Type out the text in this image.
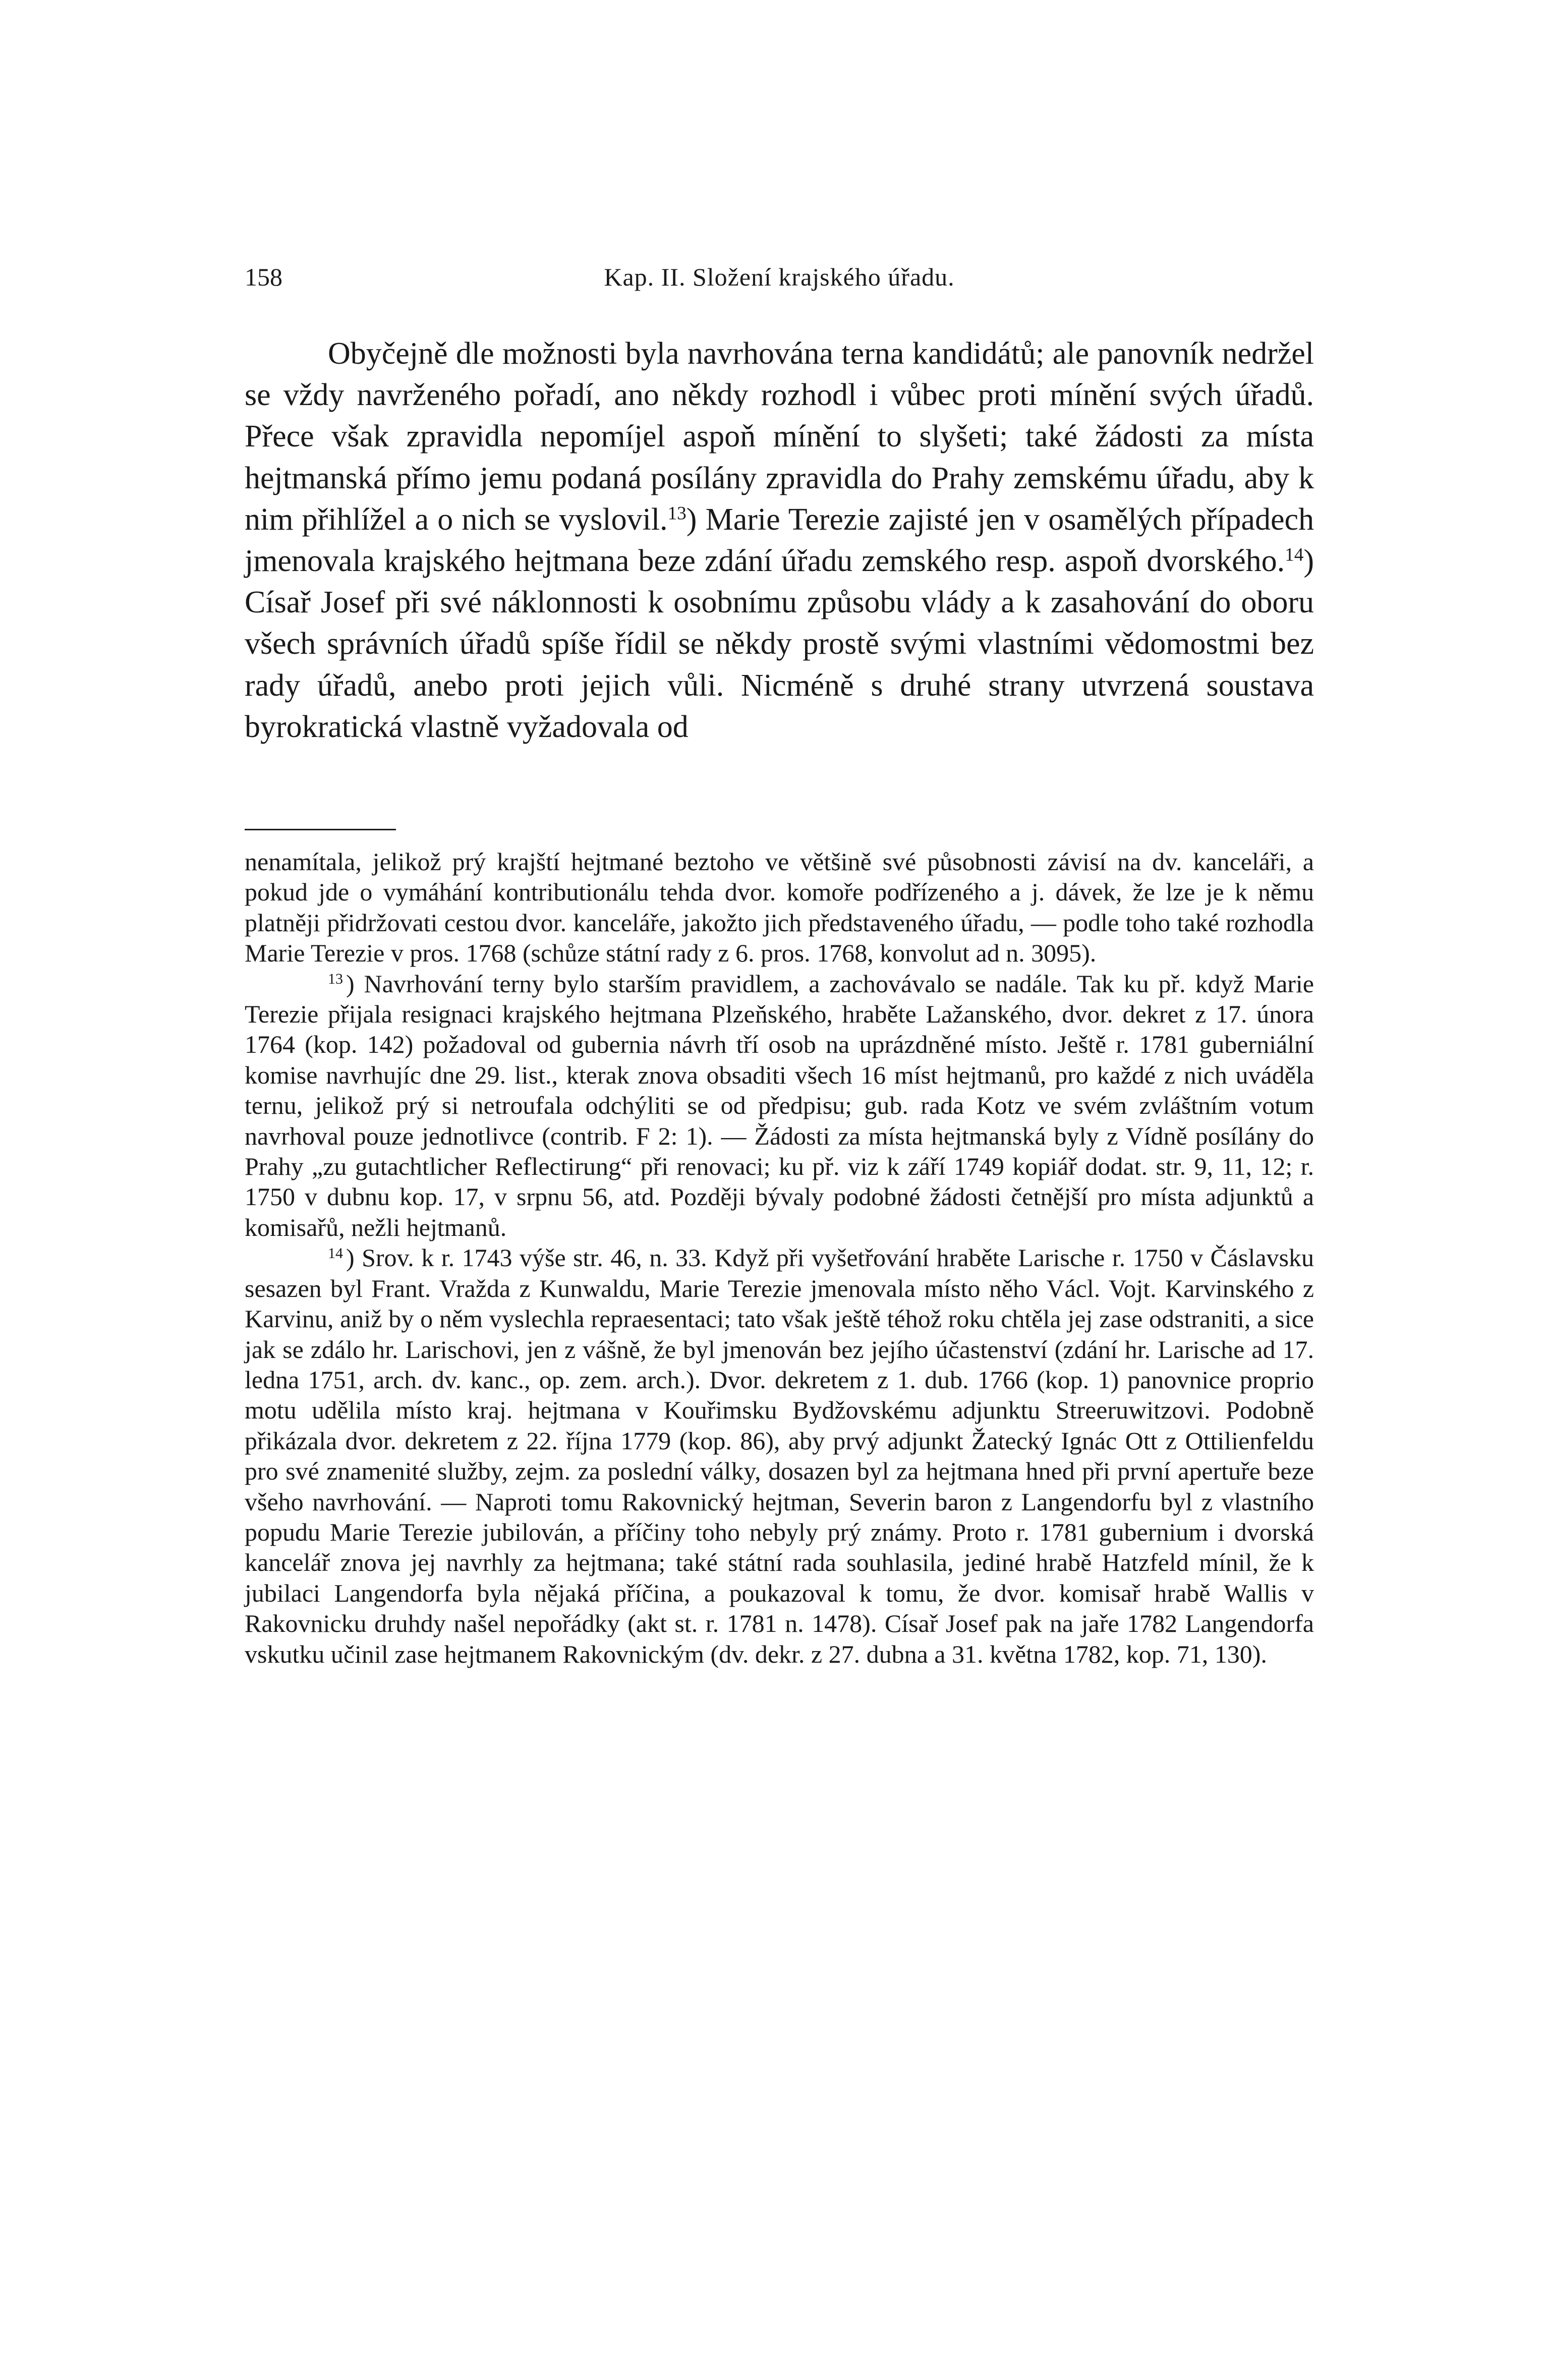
158	Kap. II. Složení krajského úřadu.

Obyčejně dle možnosti byla navrhována terna kandidátů; ale panovník nedržel se vždy navrženého pořadí, ano někdy rozhodl i vůbec proti mínění svých úřadů. Přece však zpravidla nepomíjel aspoň mínění to slyšeti; také žádosti za místa hejtmanská přímo jemu podaná posílány zpravidla do Prahy zemskému úřadu, aby k nim přihlížel a o nich se vyslovil.$^{13}$) Marie Terezie zajisté jen v osamělých případech jmenovala krajského hejtmana beze zdání úřadu zemského resp. aspoň dvorského.$^{14}$) Císař Josef při své náklonnosti k osobnímu způsobu vlády a k zasahování do oboru všech správních úřadů spíše řídil se někdy prostě svými vlastními vědomostmi bez rady úřadů, anebo proti jejich vůli. Nicméně s druhé strany utvrzená soustava byrokratická vlastně vyžadovala od

nenamítala, jelikož prý krajští hejtmané beztoho ve většině své působnosti závisí na dv. kanceláři, a pokud jde o vymáhání kontributionálu tehda dvor. komoře podřízeného a j. dávek, že lze je k němu platněji přidržovati cestou dvor. kanceláře, jakožto jich představeného úřadu, — podle toho také rozhodla Marie Terezie v pros. 1768 (schůze státní rady z 6. pros. 1768, konvolut ad n. 3095).

$^{13}$ ) Navrhování terny bylo starším pravidlem, a zachovávalo se nadále. Tak ku př. když Marie Terezie přijala resignaci krajského hejtmana Plzeňského, hraběte Lažanského, dvor. dekret z 17. února 1764 (kop. 142) požadoval od gubernia návrh tří osob na uprázdněné místo. Ještě r. 1781 guberniální komise navrhujíc dne 29. list., kterak znova obsaditi všech 16 míst hejtmanů, pro každé z nich uváděla ternu, jelikož prý si netroufala odchýliti se od předpisu; gub. rada Kotz ve svém zvláštním votum navrhoval pouze jednotlivce (contrib. F 2: 1). — Žádosti za místa hejtmanská byly z Vídně posílány do Prahy „zu gutachtlicher Reflectirung“ při renovaci; ku př. viz k září 1749 kopiář dodat. str. 9, 11, 12; r. 1750 v dubnu kop. 17, v srpnu 56, atd. Později bývaly podobné žádosti četnější pro místa adjunktů a komisařů, nežli hejtmanů.

$^{14}$ ) Srov. k r. 1743 výše str. 46, n. 33. Když při vyšetřování hraběte Larische r. 1750 v Čáslavsku sesazen byl Frant. Vražda z Kunwaldu, Marie Terezie jmenovala místo něho Václ. Vojt. Karvinského z Karvinu, aniž by o něm vyslechla repraesentaci; tato však ještě téhož roku chtěla jej zase odstraniti, a sice jak se zdálo hr. Larischovi, jen z vášně, že byl jmenován bez jejího účastenství (zdání hr. Larische ad 17. ledna 1751, arch. dv. kanc., op. zem. arch.). Dvor. dekretem z 1. dub. 1766 (kop. 1) panovnice proprio motu udělila místo kraj. hejtmana v Kouřimsku Bydžovskému adjunktu Streeruwitzovi. Podobně přikázala dvor. dekretem z 22. října 1779 (kop. 86), aby prvý adjunkt Žatecký Ignác Ott z Ottilienfeldu pro své znamenité služby, zejm. za poslední války, dosazen byl za hejtmana hned při první apertuře beze všeho navrhování. — Naproti tomu Rakovnický hejtman, Severin baron z Langendorfu byl z vlastního popudu Marie Terezie jubilován, a příčiny toho nebyly prý známy. Proto r. 1781 gubernium i dvorská kancelář znova jej navrhly za hejtmana; také státní rada souhlasila, jediné hrabě Hatzfeld mínil, že k jubilaci Langendorfa byla nějaká příčina, a poukazoval k tomu, že dvor. komisař hrabě Wallis v Rakovnicku druhdy našel nepořádky (akt st. r. 1781 n. 1478). Císař Josef pak na jaře 1782 Langendorfa vskutku učinil zase hejtmanem Rakovnickým (dv. dekr. z 27. dubna a 31. května 1782, kop. 71, 130).
